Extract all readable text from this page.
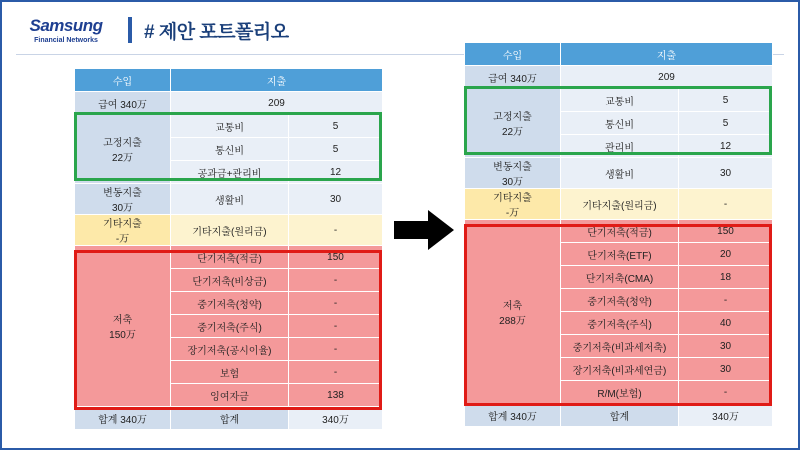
Samsung
Financial Networks # 제안 포트폴리오
수입	지출	
급여 340万	209	

고정지출
22万	교통비	5
	통신비	5
	공과금+관리비	12

변동지출
30万	생활비	30

기타지출
-万	기타지출(원리금)	-

저축
150万	단기저축(적금)	150
	단기저축(비상금)	-
	중기저축(청약)	-
	중기저축(주식)	-
	장기저축(공시이율)	-
	보험	-
	잉여자금	138
합계 340万	합계	340万
수입	지출	
급여 340万	209	

고정지출
22万	교통비	5
	통신비	5
	관리비	12

변동지출
30万	생활비	30

기타지출
-万	기타지출(원리금)	-

저축
288万	단기저축(적금)	150
	단기저축(ETF)	20
	단기저축(CMA)	18
	중기저축(청약)	-
	중기저축(주식)	40
	중기저축(비과세저축)	30
	장기저축(비과세연금)	30
	R/M(보험)	-
합계 340万	합계	340万
